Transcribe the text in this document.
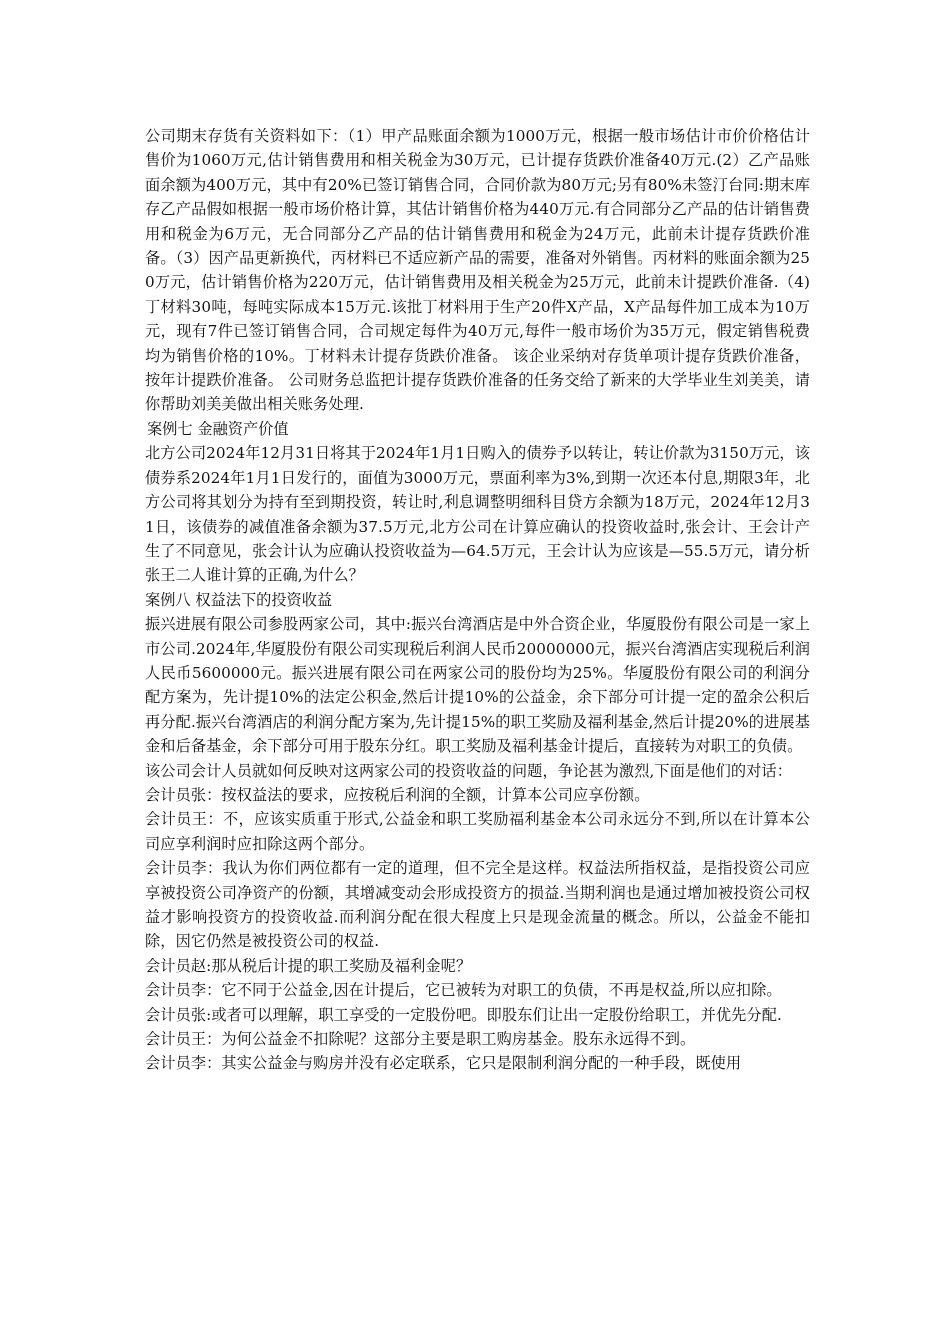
公司期末存货有关资料如下：（1）甲产品账面余额为1000万元，根据一般市场估计市价价格估计售价为1060万元,估计销售费用和相关税金为30万元，已计提存货跌价准备40万元.(2）乙产品账面余额为400万元，其中有20%已签订销售合同，合同价款为80万元;另有80%未签汀台同:期末库存乙产品假如根据一般市场价格计算，其估计销售价格为440万元.有合同部分乙产品的估计销售费用和税金为6万元，无合同部分乙产品的估计销售费用和税金为24万元，此前未计提存货跌价准备。（3）因产品更新换代，丙材料已不适应新产品的需要，准备对外销售。丙材料的账面余额为250万元，估计销售价格为220万元，估计销售费用及相关税金为25万元，此前未计提跌价准备.（4)丁材料30吨，每吨实际成本15万元.该批丁材料用于生产20件X产品，X产品每件加工成本为10万元，现有7件已签订销售合同，合司规定每件为40万元,每件一般市场价为35万元，假定销售税费均为销售价格的10%。丁材料未计提存货跌价准备。 该企业采纳对存货单项计提存货跌价准备，按年计提跌价准备。 公司财务总监把计提存货跌价准备的任务交给了新来的大学毕业生刘美美，请你帮助刘美美做出相关账务处理.

案例七 金融资产价值

北方公司2024年12月31日将其于2024年1月1日购入的债券予以转让，转让价款为3150万元，该债券系2024年1月1日发行的，面值为3000万元，票面利率为3%,到期一次还本付息,期限3年，北方公司将其划分为持有至到期投资，转让时,利息调整明细科目贷方余额为18万元，2024年12月31日，该债券的减值准备余额为37.5万元,北方公司在计算应确认的投资收益时,张会计、王会计产生了不同意见，张会计认为应确认投资收益为—64.5万元，王会计认为应该是—55.5万元，请分析张王二人谁计算的正确,为什么？

案例八 权益法下的投资收益

振兴进展有限公司参股两家公司，其中:振兴台湾酒店是中外合资企业，华厦股份有限公司是一家上市公司.2024年,华厦股份有限公司实现税后利润人民币20000000元，振兴台湾酒店实现税后利润人民币5600000元。振兴进展有限公司在两家公司的股份均为25%。华厦股份有限公司的利润分配方案为，先计提10%的法定公积金,然后计提10%的公益金，余下部分可计提一定的盈余公积后再分配.振兴台湾酒店的利润分配方案为,先计提15%的职工奖励及福利基金,然后计提20%的进展基金和后备基金，余下部分可用于股东分红。职工奖励及福利基金计提后，直接转为对职工的负债。

该公司会计人员就如何反映对这两家公司的投资收益的问题，争论甚为激烈,下面是他们的对话：

会计员张：按权益法的要求，应按税后利润的全额，计算本公司应享份额。

会计员王：不，应该实质重于形式,公益金和职工奖励福利基金本公司永远分不到,所以在计算本公司应享利润时应扣除这两个部分。

会计员李：我认为你们两位都有一定的道理，但不完全是这样。权益法所指权益，是指投资公司应享被投资公司净资产的份额，其增减变动会形成投资方的损益.当期利润也是通过增加被投资公司权益才影响投资方的投资收益.而利润分配在很大程度上只是现金流量的概念。所以，公益金不能扣除，因它仍然是被投资公司的权益.

会计员赵:那从税后计提的职工奖励及福利金呢？

会计员李：它不同于公益金,因在计提后，它已被转为对职工的负债，不再是权益,所以应扣除。

会计员张:或者可以理解，职工享受的一定股份吧。即股东们让出一定股份给职工，并优先分配.

会计员王：为何公益金不扣除呢？这部分主要是职工购房基金。股东永远得不到。

会计员李：其实公益金与购房并没有必定联系，它只是限制利润分配的一种手段，既使用
